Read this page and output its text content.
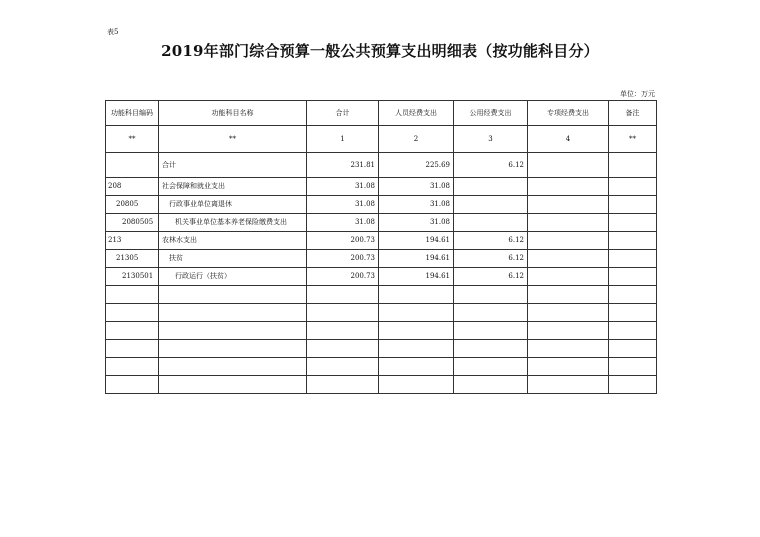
表5
2019年部门综合预算一般公共预算支出明细表（按功能科目分）
单位：万元
功能科目编码	功能科目名称	合计	人员经费支出	公用经费支出	专项经费支出	备注
**	**	1	2	3	4	**
	合计	231.81	225.69	6.12		
208	社会保障和就业支出	31.08	31.08			
20805	行政事业单位离退休	31.08	31.08			
2080505	机关事业单位基本养老保险缴费支出	31.08	31.08			
213	农林水支出	200.73	194.61	6.12		
21305	扶贫	200.73	194.61	6.12		
2130501	行政运行（扶贫）	200.73	194.61	6.12		
